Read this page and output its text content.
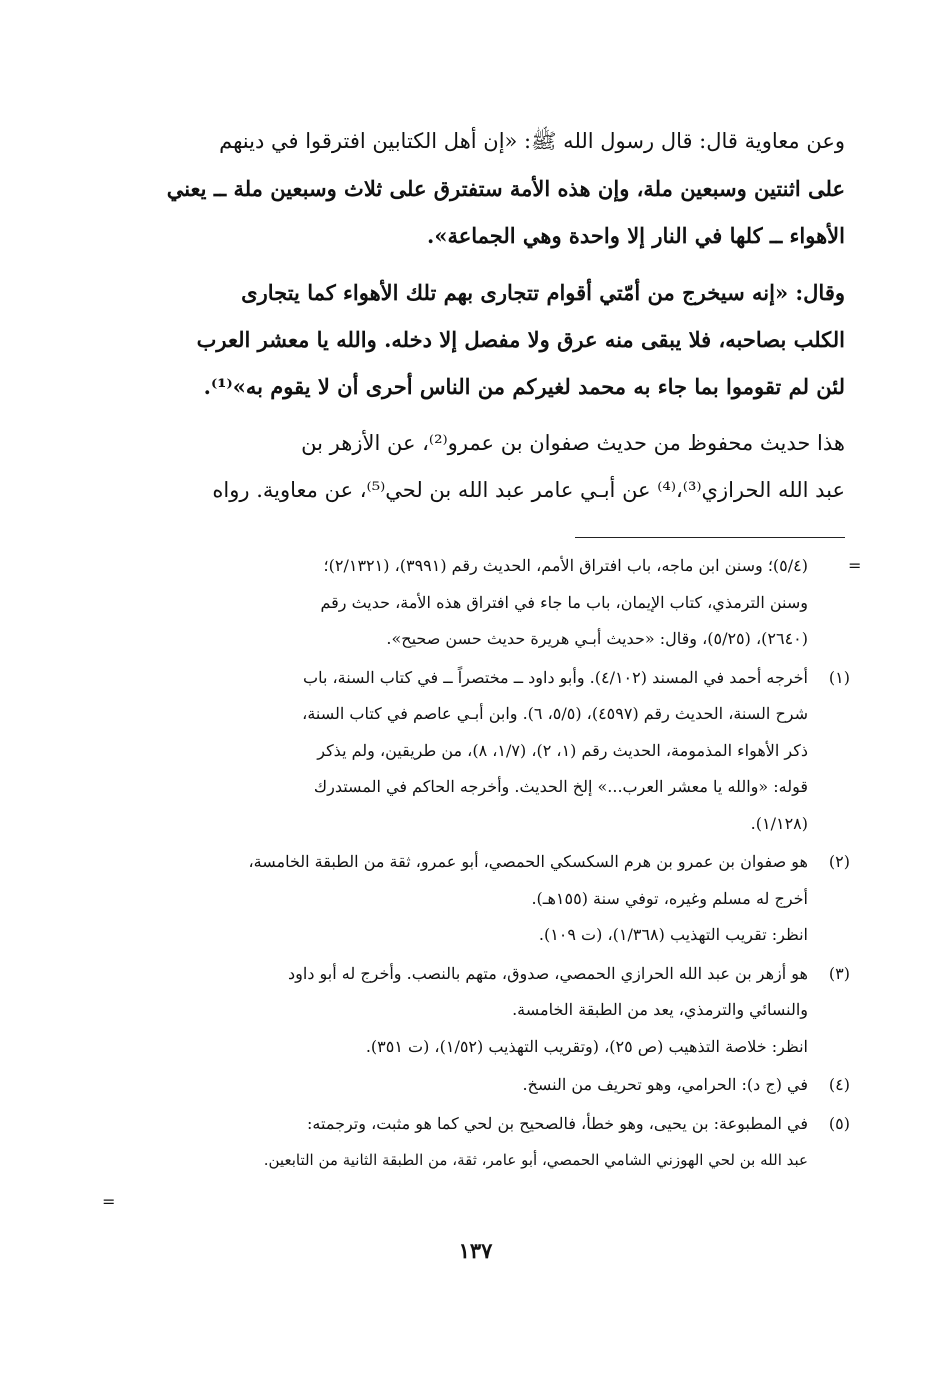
وعن معاوية قال: قال رسول الله ﷺ: «إن أهل الكتابين افترقوا في دينهم
على اثنتين وسبعين ملة، وإن هذه الأمة ستفترق على ثلاث وسبعين ملة ــ يعني
الأهواء ــ كلها في النار إلا واحدة وهي الجماعة».

وقال: «إنه سيخرج من أمّتي أقوام تتجارى بهم تلك الأهواء كما يتجارى
الكلب بصاحبه، فلا يبقى منه عرق ولا مفصل إلا دخله. والله يا معشر العرب
لئن لم تقوموا بما جاء به محمد لغيركم من الناس أحرى أن لا يقوم به»⁽¹⁾.

هذا حديث محفوظ من حديث صفوان بن عمرو⁽²⁾، عن الأزهر بن
عبد الله الحرازي⁽³⁾،⁽⁴⁾ عن أبـي عامر عبد الله بن لحي⁽⁵⁾، عن معاوية. رواه

=
(٥/٤)؛ وسنن ابن ماجه، باب افتراق الأمم، الحديث رقم (٣٩٩١)، (٢/١٣٢١)؛
وسنن الترمذي، كتاب الإيمان، باب ما جاء في افتراق هذه الأمة، حديث رقم
(٢٦٤٠)، (٥/٢٥)، وقال: «حديث أبـي هريرة حديث حسن صحيح».
(١)
أخرجه أحمد في المسند (٤/١٠٢). وأبو داود ــ مختصراً ــ في كتاب السنة، باب
شرح السنة، الحديث رقم (٤٥٩٧)، (٥/٥، ٦). وابن أبـي عاصم في كتاب السنة،
ذكر الأهواء المذمومة، الحديث رقم (١، ٢)، (١/٧، ٨)، من طريقين، ولم يذكر
قوله: «والله يا معشر العرب...» إلخ الحديث. وأخرجه الحاكم في المستدرك
(١/١٢٨).
(٢)
هو صفوان بن عمرو بن هرم السكسكي الحمصي، أبو عمرو، ثقة من الطبقة الخامسة،
أخرج له مسلم وغيره، توفي سنة (١٥٥هـ).
انظر: تقريب التهذيب (١/٣٦٨)، (ت ١٠٩).
(٣)
هو أزهر بن عبد الله الحرازي الحمصي، صدوق، متهم بالنصب. وأخرج له أبو داود
والنسائي والترمذي، يعد من الطبقة الخامسة.
انظر: خلاصة التذهيب (ص ٢٥)، (وتقريب التهذيب (١/٥٢)، (ت ٣٥١).
(٤)
في (ج د): الحرامي، وهو تحريف من النسخ.
(٥)
في المطبوعة: بن يحيى، وهو خطأ، فالصحيح بن لحي كما هو مثبت، وترجمته:
عبد الله بن لحي الهوزني الشامي الحمصي، أبو عامر، ثقة، من الطبقة الثانية من التابعين.
=
١٣٧
